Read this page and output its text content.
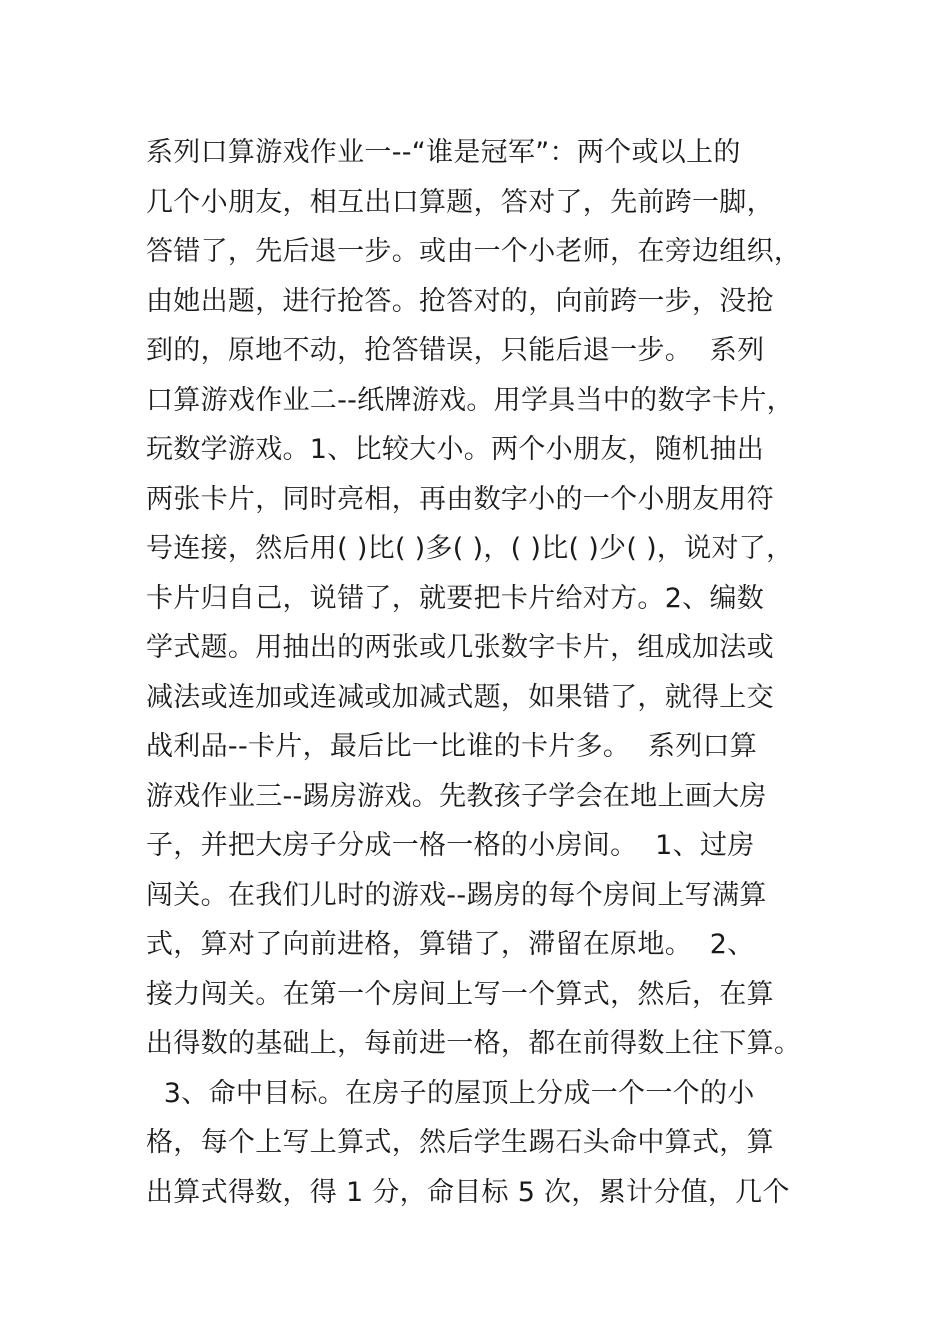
系列口算游戏作业一--“谁是冠军”：两个或以上的
几个小朋友，相互出口算题，答对了，先前跨一脚，
答错了，先后退一步。或由一个小老师，在旁边组织，
由她出题，进行抢答。抢答对的，向前跨一步，没抢
到的，原地不动，抢答错误，只能后退一步。  系列
口算游戏作业二--纸牌游戏。用学具当中的数字卡片，
玩数学游戏。1、比较大小。两个小朋友，随机抽出
两张卡片，同时亮相，再由数字小的一个小朋友用符
号连接，然后用( )比( )多( )，( )比( )少( )，说对了，
卡片归自己，说错了，就要把卡片给对方。2、编数
学式题。用抽出的两张或几张数字卡片，组成加法或
减法或连加或连减或加减式题，如果错了，就得上交
战利品--卡片，最后比一比谁的卡片多。  系列口算
游戏作业三--踢房游戏。先教孩子学会在地上画大房
子，并把大房子分成一格一格的小房间。  1、过房
闯关。在我们儿时的游戏--踢房的每个房间上写满算
式，算对了向前进格，算错了，滞留在原地。  2、
接力闯关。在第一个房间上写一个算式，然后，在算
出得数的基础上，每前进一格，都在前得数上往下算。
3、命中目标。在房子的屋顶上分成一个一个的小
格，每个上写上算式，然后学生踢石头命中算式，算
出算式得数，得 1 分，命目标 5 次，累计分值，几个
